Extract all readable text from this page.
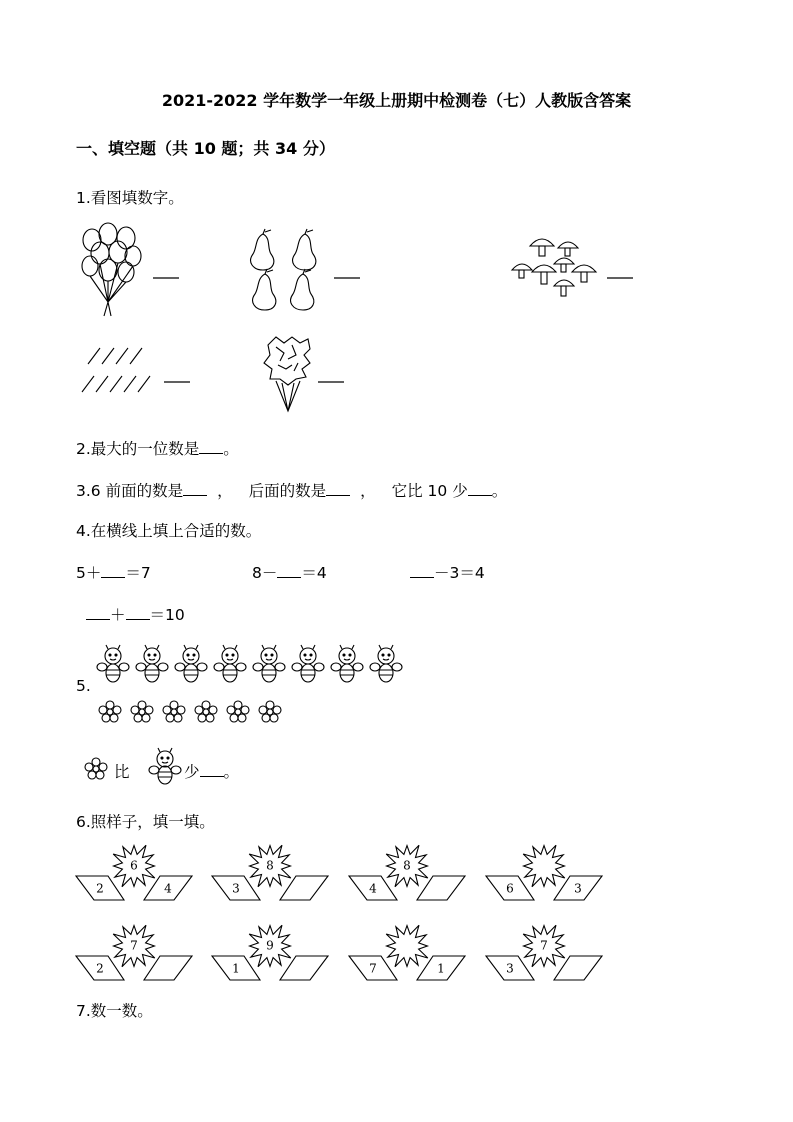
2021-2022 学年数学一年级上册期中检测卷（七）人教版含答案
一、填空题（共 10 题；共 34 分）
1.看图填数字。
2.最大的一位数是 。
3.6 前面的数是 ， 后面的数是 ， 它比 10 少 。
4.在横线上填上合适的数。
5＋ ＝7	8－ ＝4	－3＝4
＋ ＝10
5.
比	少 。
6.照样子，填一填。
6
2	4
8
3
8
4	6	3
7
2
9
1	7	1
7
3
7.数一数。
